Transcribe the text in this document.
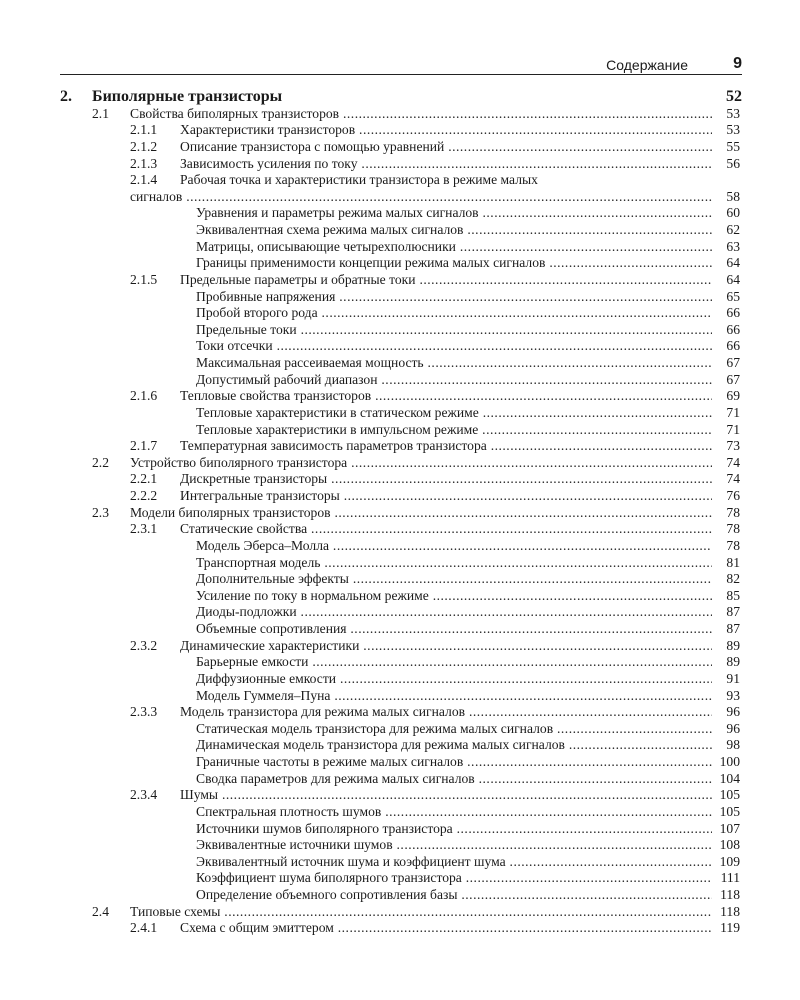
Содержание	9
2. Биполярные транзисторы	52
2.1 Свойства биполярных транзисторов .....	53
2.1.1 Характеристики транзисторов .....	53
2.1.2 Описание транзистора с помощью уравнений .....	55
2.1.3 Зависимость усиления по току .....	56
2.1.4 Рабочая точка и характеристики транзистора в режиме малых
сигналов .....	58
Уравнения и параметры режима малых сигналов .....	60
Эквивалентная схема режима малых сигналов .....	62
Матрицы, описывающие четырехполюсники .....	63
Границы применимости концепции режима малых сигналов .....	64
2.1.5 Предельные параметры и обратные токи .....	64
Пробивные напряжения .....	65
Пробой второго рода .....	66
Предельные токи .....	66
Токи отсечки .....	66
Максимальная рассеиваемая мощность .....	67
Допустимый рабочий диапазон .....	67
2.1.6 Тепловые свойства транзисторов .....	69
Тепловые характеристики в статическом режиме .....	71
Тепловые характеристики в импульсном режиме .....	71
2.1.7 Температурная зависимость параметров транзистора .....	73
2.2 Устройство биполярного транзистора .....	74
2.2.1 Дискретные транзисторы .....	74
2.2.2 Интегральные транзисторы .....	76
2.3 Модели биполярных транзисторов .....	78
2.3.1 Статические свойства .....	78
Модель Эберса–Молла .....	78
Транспортная модель .....	81
Дополнительные эффекты .....	82
Усиление по току в нормальном режиме .....	85
Диоды-подложки .....	87
Объемные сопротивления .....	87
2.3.2 Динамические характеристики .....	89
Барьерные емкости .....	89
Диффузионные емкости .....	91
Модель Гуммеля–Пуна .....	93
2.3.3 Модель транзистора для режима малых сигналов .....	96
Статическая модель транзистора для режима малых сигналов .....	96
Динамическая модель транзистора для режима малых сигналов .....	98
Граничные частоты в режиме малых сигналов .....	100
Сводка параметров для режима малых сигналов .....	104
2.3.4 Шумы .....	105
Спектральная плотность шумов .....	105
Источники шумов биполярного транзистора .....	107
Эквивалентные источники шумов .....	108
Эквивалентный источник шума и коэффициент шума .....	109
Коэффициент шума биполярного транзистора .....	111
Определение объемного сопротивления базы .....	118
2.4 Типовые схемы .....	118
2.4.1 Схема с общим эмиттером .....	119
